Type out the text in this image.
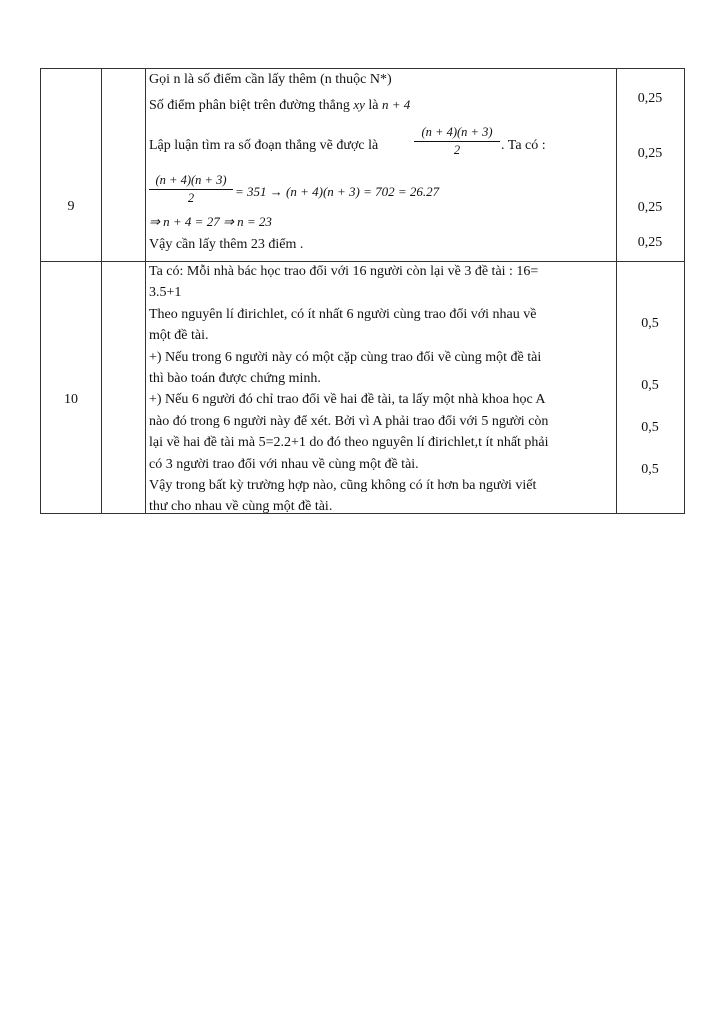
9
Gọi n là số điểm cần lấy thêm (n thuộc N*)
Số điểm phân biệt trên đường thẳng xy là n + 4
Lập luận tìm ra số đoạn thẳng vẽ được là
(n + 4)(n + 3)
2	. Ta có :
(n + 4)(n + 3)
2	= 351 → (n + 4)(n + 3) = 702 = 26.27
⇒ n + 4 = 27 ⇒ n = 23
Vậy cần lấy thêm 23 điểm .
0,25
0,25
0,25
0,25
10
Ta có: Mỗi nhà bác học trao đổi với 16 người còn lại về 3 đề tài : 16=
3.5+1
Theo nguyên lí đirichlet, có ít nhất 6 người cùng trao đổi với nhau về
một đề tài.
+) Nếu trong 6 người này có một cặp cùng trao đổi về cùng một đề tài
thì bào toán được chứng minh.
+) Nếu 6 người đó chỉ trao đổi về hai đề tài, ta lấy một nhà khoa học A
nào đó trong 6 người này để xét. Bởi vì A phải trao đổi với 5 người còn
lại về hai đề tài mà 5=2.2+1 do đó theo nguyên lí đirichlet,t ít nhất phải
có 3 người trao đổi với nhau về cùng một đề tài.
Vậy trong bất kỳ trường hợp nào, cũng không có ít hơn ba người viết
thư cho nhau về cùng một đề tài.
0,5
0,5
0,5
0,5
